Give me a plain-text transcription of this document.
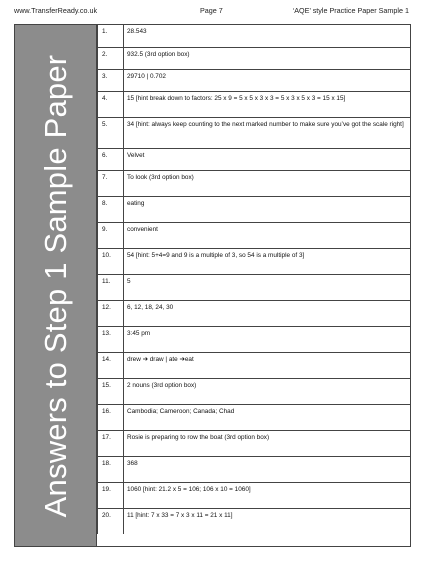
www.TransferReady.co.uk	Page 7	‘AQE’ style Practice Paper Sample 1
Answers to Step 1 Sample Paper
1.	28.543
2.	932.5 (3rd option box)
3.	29710 | 0.702
4.	15 [hint break down to factors: 25 x 9 = 5 x 5 x 3 x 3 = 5 x 3 x 5 x 3 = 15 x 15]
5.	34 [hint: always keep counting to the next marked number to make sure you’ve got the scale right]
6.	Velvet
7.	To look (3rd option box)
8.	eating
9.	convenient
10.	54 [hint: 5+4=9 and 9 is a multiple of 3, so 54 is a multiple of 3]
11.	5
12.	6, 12, 18, 24, 30
13.	3:45 pm
14.	drew ➔ draw | ate ➔eat
15.	2 nouns (3rd option box)
16.	Cambodia; Cameroon; Canada; Chad
17.	Rosie is preparing to row the boat (3rd option box)
18.	368
19.	1060 [hint: 21.2 x 5 = 106; 106 x 10 = 1060]
20.	11 [hint: 7 x 33 = 7 x 3 x 11 = 21 x 11]
